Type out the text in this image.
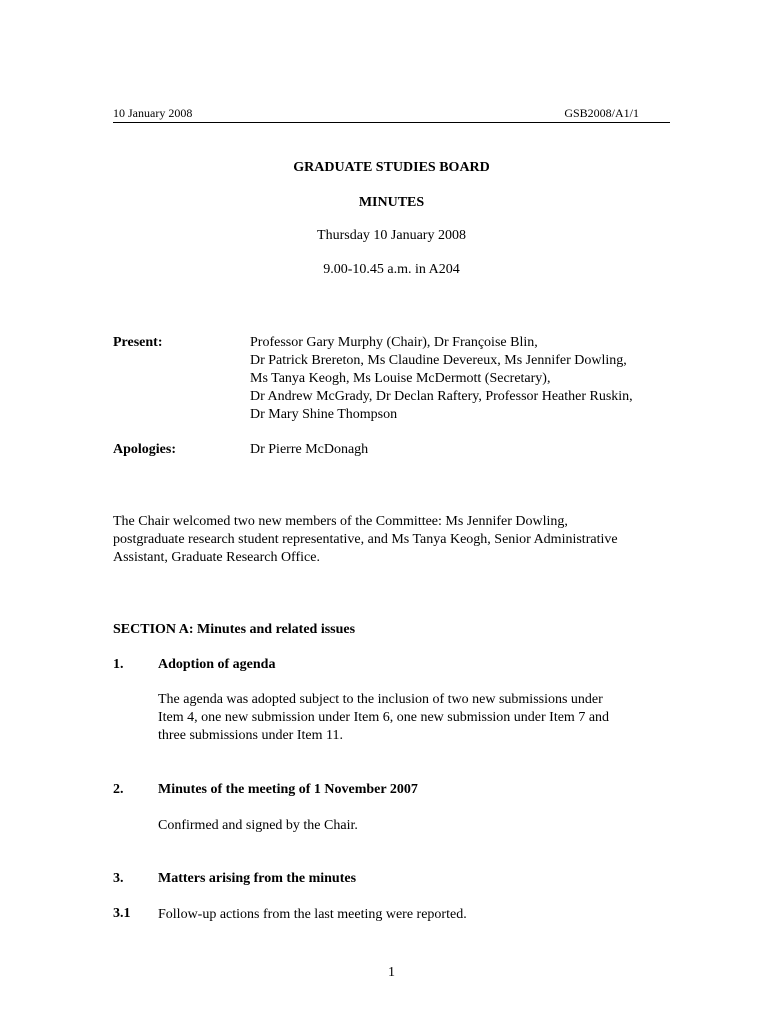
10 January 2008	GSB2008/A1/1
GRADUATE STUDIES BOARD
MINUTES
Thursday 10 January 2008
9.00-10.45 a.m. in A204
Present:	Professor Gary Murphy (Chair), Dr Françoise Blin,
Dr Patrick Brereton, Ms Claudine Devereux, Ms Jennifer Dowling,
Ms Tanya Keogh, Ms Louise McDermott (Secretary),
Dr Andrew McGrady, Dr Declan Raftery, Professor Heather Ruskin,
Dr Mary Shine Thompson
Apologies:	Dr Pierre McDonagh
The Chair welcomed two new members of the Committee: Ms Jennifer Dowling,
postgraduate research student representative, and Ms Tanya Keogh, Senior Administrative
Assistant, Graduate Research Office.
SECTION A: Minutes and related issues
1. Adoption of agenda
The agenda was adopted subject to the inclusion of two new submissions under
Item 4, one new submission under Item 6, one new submission under Item 7 and
three submissions under Item 11.
2. Minutes of the meeting of 1 November 2007
Confirmed and signed by the Chair.
3. Matters arising from the minutes
3.1 Follow-up actions from the last meeting were reported.
1
